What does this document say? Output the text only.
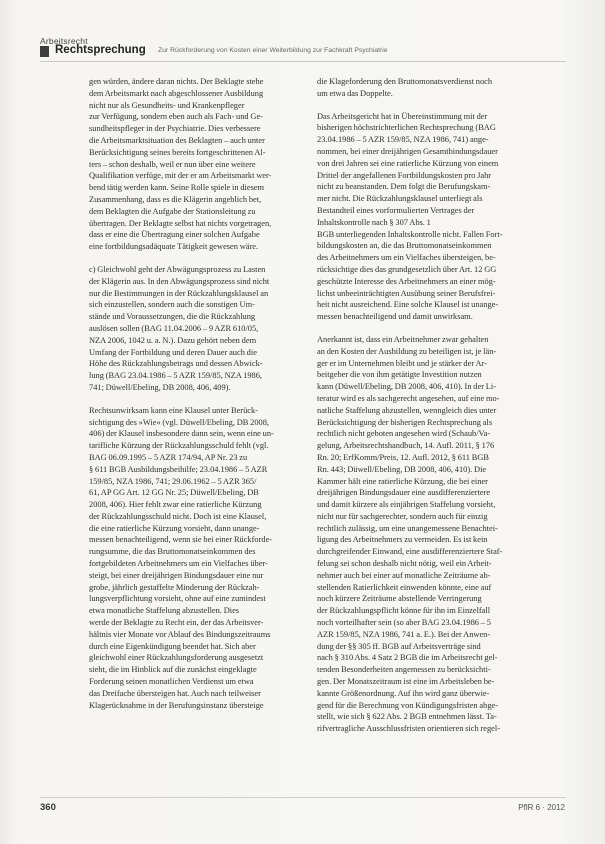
Arbeitsrecht
Rechtsprechung Zur Rückforderung von Kosten einer Weiterbildung zur Fachkraft Psychiatrie

gen würden, ändere daran nichts. Der Beklagte stehe
dem Arbeitsmarkt nach abgeschlossener Ausbildung
nicht nur als Gesundheits- und Krankenpfleger
zur Verfügung, sondern eben auch als Fach- und Ge-
sundheitspfleger in der Psychiatrie. Dies verbessere
die Arbeitsmarktsituation des Beklagten – auch unter
Berücksichtigung seines bereits fortgeschrittenen Al-
ters – schon deshalb, weil er nun über eine weitere
Qualifikation verfüge, mit der er am Arbeitsmarkt wer-
bend tätig werden kann. Seine Rolle spiele in diesem
Zusammenhang, dass es die Klägerin angeblich bet,
dem Beklagten die Aufgabe der Stationsleitung zu
übertragen. Der Beklagte selbst hat nichts vorgetragen,
dass er eine die Übertragung einer solchen Aufgabe
eine fortbildungsadäquate Tätigkeit gewesen wäre.

c) Gleichwohl geht der Abwägungsprozess zu Lasten
der Klägerin aus. In den Abwägungsprozess sind nicht
nur die Bestimmungen in der Rückzahlungsklausel an
sich einzustellen, sondern auch die sonstigen Um-
stände und Voraussetzungen, die die Rückzahlung
auslösen sollen (BAG 11.04.2006 – 9 AZR 610/05,
NZA 2006, 1042 u. a. N.). Dazu gehört neben dem
Umfang der Fortbildung und deren Dauer auch die
Höhe des Rückzahlungsbetrags und dessen Abwick-
lung (BAG 23.04.1986 – 5 AZR 159/85, NZA 1986,
741; Düwell/Ebeling, DB 2008, 406, 409).

Rechtsunwirksam kann eine Klausel unter Berück-
sichtigung des »Wie« (vgl. Düwell/Ebeling, DB 2008,
406) der Klausel insbesondere dann sein, wenn eine un-
tarifliche Kürzung der Rückzahlungsschuld fehlt (vgl.
BAG 06.09.1995 – 5 AZR 174/94, AP Nr. 23 zu
§ 611 BGB Ausbildungsbeihilfe; 23.04.1986 – 5 AZR
159/85, NZA 1986, 741; 29.06.1962 – 5 AZR 365/
61, AP GG Art. 12 GG Nr. 25; Düwell/Ebeling, DB
2008, 406). Hier fehlt zwar eine ratierliche Kürzung
der Rückzahlungsschuld nicht. Doch ist eine Klausel,
die eine ratierliche Kürzung vorsieht, dann unange-
messen benachteiligend, wenn sie bei einer Rückforde-
rungsumme, die das Bruttomonatseinkommen des
fortgebildeten Arbeitnehmers um ein Vielfaches über-
steigt, bei einer dreijährigen Bindungsdauer eine nur
grobe, jährlich gestaffelte Minderung der Rückzah-
lungsverpflichtung vorsieht, ohne auf eine zumindest
etwa monatliche Staffelung abzustellen. Dies
werde der Beklagte zu Recht ein, der das Arbeitsver-
hältnis vier Monate vor Ablauf des Bindungszeitraums
durch eine Eigenkündigung beendet hat. Sich aber
gleichwohl einer Rückzahlungsforderung ausgesetzt
sieht, die im Hinblick auf die zunächst eingeklagte
Forderung seinen monatlichen Verdienst um etwa
das Dreifache übersteigen hat. Auch nach teilweiser
Klagerücknahme in der Berufungsinstanz übersteige

die Klageforderung den Bruttomonatsverdienst noch
um etwa das Doppelte.

Das Arbeitsgericht hat in Übereinstimmung mit der
bisherigen höchstrichterlichen Rechtsprechung (BAG
23.04.1986 – 5 AZR 159/85, NZA 1986, 741) ange-
nommen, bei einer dreijährigen Gesamtbindungsdauer
von drei Jahren sei eine ratierliche Kürzung von einem
Drittel der angefallenen Fortbildungskosten pro Jahr
nicht zu beanstanden. Dem folgt die Berufungskam-
mer nicht. Die Rückzahlungsklausel unterliegt als
Bestandteil eines vorformulierten Vertrages der
Inhaltskontrolle nach § 307 Abs. 1
BGB unterliegenden Inhaltskontrolle nicht. Fallen Fort-
bildungskosten an, die das Bruttomonatseinkommen
des Arbeitnehmers um ein Vielfaches übersteigen, be-
rücksichtige dies das grundgesetzlich über Art. 12 GG
geschützte Interesse des Arbeitnehmers an einer mög-
lichst unbeeinträchtigten Ausübung seiner Berufsfrei-
heit nicht ausreichend. Eine solche Klausel ist unange-
messen benachteiligend und damit unwirksam.

Anerkannt ist, dass ein Arbeitnehmer zwar gehalten
an den Kosten der Ausbildung zu beteiligen ist, je län-
ger er im Unternehmen bleibt und je stärker der Ar-
beitgeber die von ihm getätigte Investition nutzen
kann (Düwell/Ebeling, DB 2008, 406, 410). In der Li-
teratur wird es als sachgerecht angesehen, auf eine mo-
natliche Staffelung abzustellen, wenngleich dies unter
Berücksichtigung der bisherigen Rechtsprechung als
rechtlich nicht geboten angesehen wird (Schaub/Va-
gelung, Arbeitsrechtshandbuch, 14. Aufl. 2011, § 176
Rn. 20; ErfKomm/Preis, 12. Aufl. 2012, § 611 BGB
Rn. 443; Düwell/Ebeling, DB 2008, 406, 410). Die
Kammer hält eine ratierliche Kürzung, die bei einer
dreijährigen Bindungsdauer eine ausdifferenziertere
und damit kürzere als einjährigen Staffelung vorsieht,
nicht nur für sachgerechter, sondern auch für einzig
rechtlich zulässig, um eine unangemessene Benachtei-
ligung des Arbeitnehmers zu vermeiden. Es ist kein
durchgreifender Einwand, eine ausdifferenziertere Staf-
felung sei schon deshalb nicht nötig, weil ein Arbeit-
nehmer auch bei einer auf monatliche Zeiträume ab-
stellenden Ratierlichkeit einwenden könnte, eine auf
noch kürzere Zeiträume abstellende Verringerung
der Rückzahlungspflicht könne für ihn im Einzelfall
noch vorteilhafter sein (so aber BAG 23.04.1986 – 5
AZR 159/85, NZA 1986, 741 a. E.). Bei der Anwen-
dung der §§ 305 ff. BGB auf Arbeitsverträge sind
nach § 310 Abs. 4 Satz 2 BGB die im Arbeitsrecht gel-
tenden Besonderheiten angemessen zu berücksichti-
gen. Der Monatszeitraum ist eine im Arbeitsleben be-
kannte Größenordnung. Auf ihn wird ganz überwie-
gend für die Berechnung von Kündigungsfristen abge-
stellt, wie sich § 622 Abs. 2 BGB entnehmen lässt. Ta-
rifvertragliche Ausschlussfristen orientieren sich regel-

360	PflR 6 · 2012
